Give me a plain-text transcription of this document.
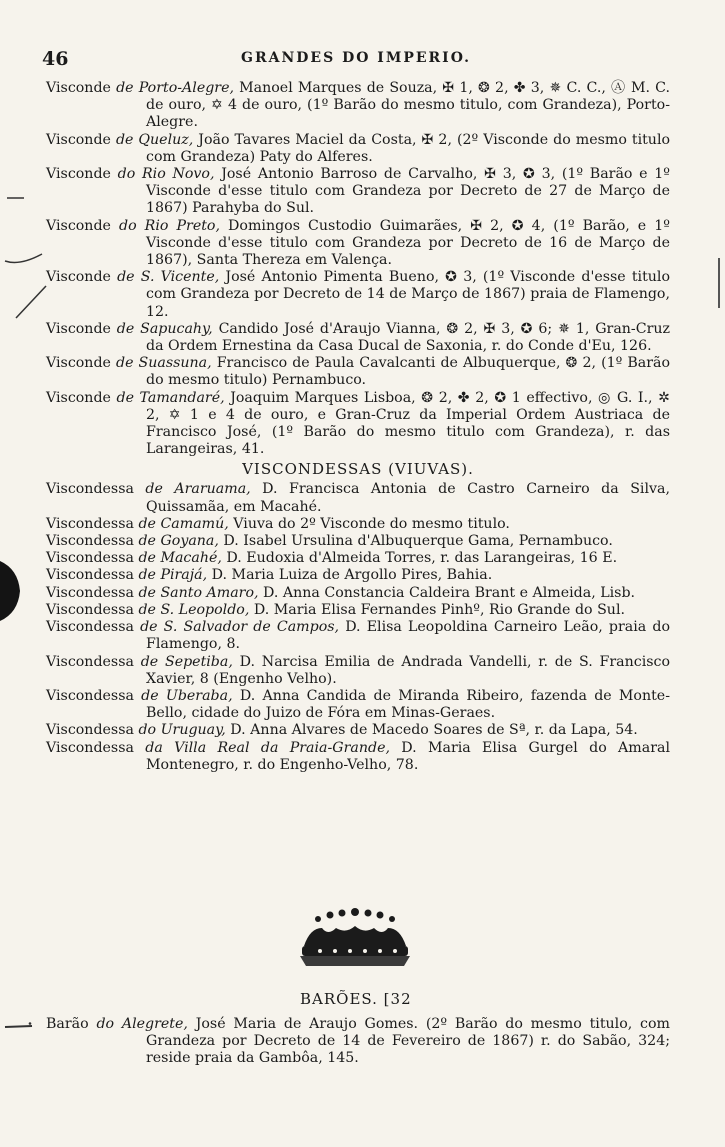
46	GRANDES DO IMPERIO.

Visconde de Porto-Alegre, Manoel Marques de Souza, ✠ 1, ❂ 2, ✤ 3, ✵ C. C., Ⓐ M. C. de ouro, ✡ 4 de ouro, (1º Barão do mesmo titulo, com Grandeza), Porto-Alegre.

Visconde de Queluz, João Tavares Maciel da Costa, ✠ 2, (2º Visconde do mesmo titulo com Grandeza) Paty do Alferes.

Visconde do Rio Novo, José Antonio Barroso de Carvalho, ✠ 3, ✪ 3, (1º Barão e 1º Visconde d'esse titulo com Grandeza por Decreto de 27 de Março de 1867) Parahyba do Sul.

Visconde do Rio Preto, Domingos Custodio Guimarães, ✠ 2, ✪ 4, (1º Barão, e 1º Visconde d'esse titulo com Grandeza por Decreto de 16 de Março de 1867), Santa Thereza em Valença.

Visconde de S. Vicente, José Antonio Pimenta Bueno, ✪ 3, (1º Visconde d'esse titulo com Grandeza por Decreto de 14 de Março de 1867) praia de Flamengo, 12.

Visconde de Sapucahy, Candido José d'Araujo Vianna, ❂ 2, ✠ 3, ✪ 6; ✵ 1, Gran-Cruz da Ordem Ernestina da Casa Ducal de Saxonia, r. do Conde d'Eu, 126.

Visconde de Suassuna, Francisco de Paula Cavalcanti de Albuquerque, ❂ 2, (1º Barão do mesmo titulo) Pernambuco.

Visconde de Tamandaré, Joaquim Marques Lisboa, ❂ 2, ✤ 2, ✪ 1 effectivo, ◎ G. I., ✲ 2, ✡ 1 e 4 de ouro, e Gran-Cruz da Imperial Ordem Austriaca de Francisco José, (1º Barão do mesmo titulo com Grandeza), r. das Larangeiras, 41.

VISCONDESSAS (VIUVAS).

Viscondessa de Araruama, D. Francisca Antonia de Castro Carneiro da Silva, Quissamãa, em Macahé.

Viscondessa de Camamú, Viuva do 2º Visconde do mesmo titulo.

Viscondessa de Goyana, D. Isabel Ursulina d'Albuquerque Gama, Pernambuco.

Viscondessa de Macahé, D. Eudoxia d'Almeida Torres, r. das Larangeiras, 16 E.

Viscondessa de Pirajá, D. Maria Luiza de Argollo Pires, Bahia.

Viscondessa de Santo Amaro, D. Anna Constancia Caldeira Brant e Almeida, Lisb.

Viscondessa de S. Leopoldo, D. Maria Elisa Fernandes Pinhº, Rio Grande do Sul.

Viscondessa de S. Salvador de Campos, D. Elisa Leopoldina Carneiro Leão, praia do Flamengo, 8.

Viscondessa de Sepetiba, D. Narcisa Emilia de Andrada Vandelli, r. de S. Francisco Xavier, 8 (Engenho Velho).

Viscondessa de Uberaba, D. Anna Candida de Miranda Ribeiro, fazenda de Monte-Bello, cidade do Juizo de Fóra em Minas-Geraes.

Viscondessa do Uruguay, D. Anna Alvares de Macedo Soares de Sª, r. da Lapa, 54.

Viscondessa da Villa Real da Praia-Grande, D. Maria Elisa Gurgel do Amaral Montenegro, r. do Engenho-Velho, 78.

BARÕES. [32

Barão do Alegrete, José Maria de Araujo Gomes. (2º Barão do mesmo titulo, com Grandeza por Decreto de 14 de Fevereiro de 1867) r. do Sabão, 324; reside praia da Gambôa, 145.
